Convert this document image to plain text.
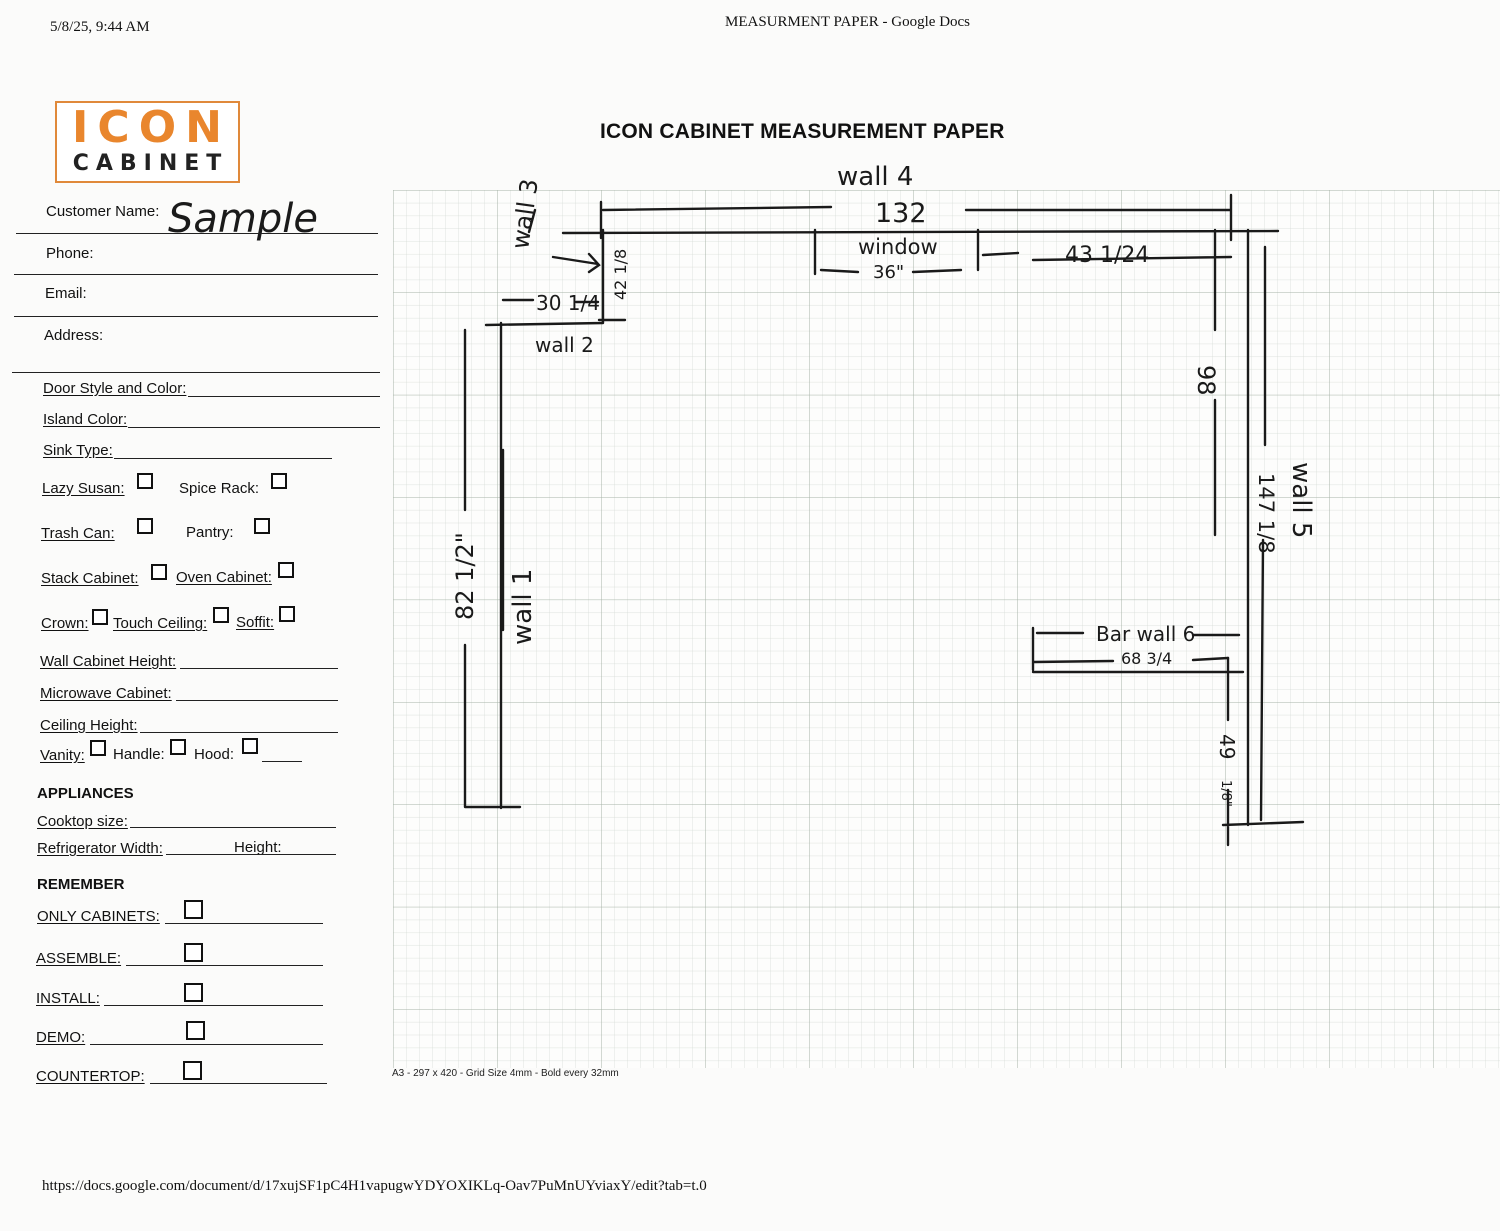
5/8/25, 9:44 AM	MEASURMENT PAPER - Google Docs
ICON
CABINET
ICON CABINET MEASUREMENT PAPER
Customer Name: Sample
Phone:
Email:
Address:
Door Style and Color:
Island Color:
Sink Type:
Lazy Susan:	Spice Rack:
Trash Can:	Pantry:
Stack Cabinet: Oven Cabinet:
Crown: Touch Ceiling: Soffit:
Wall Cabinet Height:
Microwave Cabinet:
Ceiling Height:
Vanity: Handle: Hood:
APPLIANCES
Cooktop size:
Refrigerator Width:	Height:
REMEMBER
ONLY CABINETS:
ASSEMBLE:
INSTALL:
DEMO:
COUNTERTOP:
wall 3
wall 4
132
window
36"
43 1/24
42 1/8
30 1/4
wall 2
98
wall 5
147 1/8
wall 1
82 1/2"
Bar wall 6
68 3/4
49
1/8"
A3 - 297 x 420 - Grid Size 4mm - Bold every 32mm
https://docs.google.com/document/d/17xujSF1pC4H1vapugwYDYOXIKLq-Oav7PuMnUYviaxY/edit?tab=t.0
